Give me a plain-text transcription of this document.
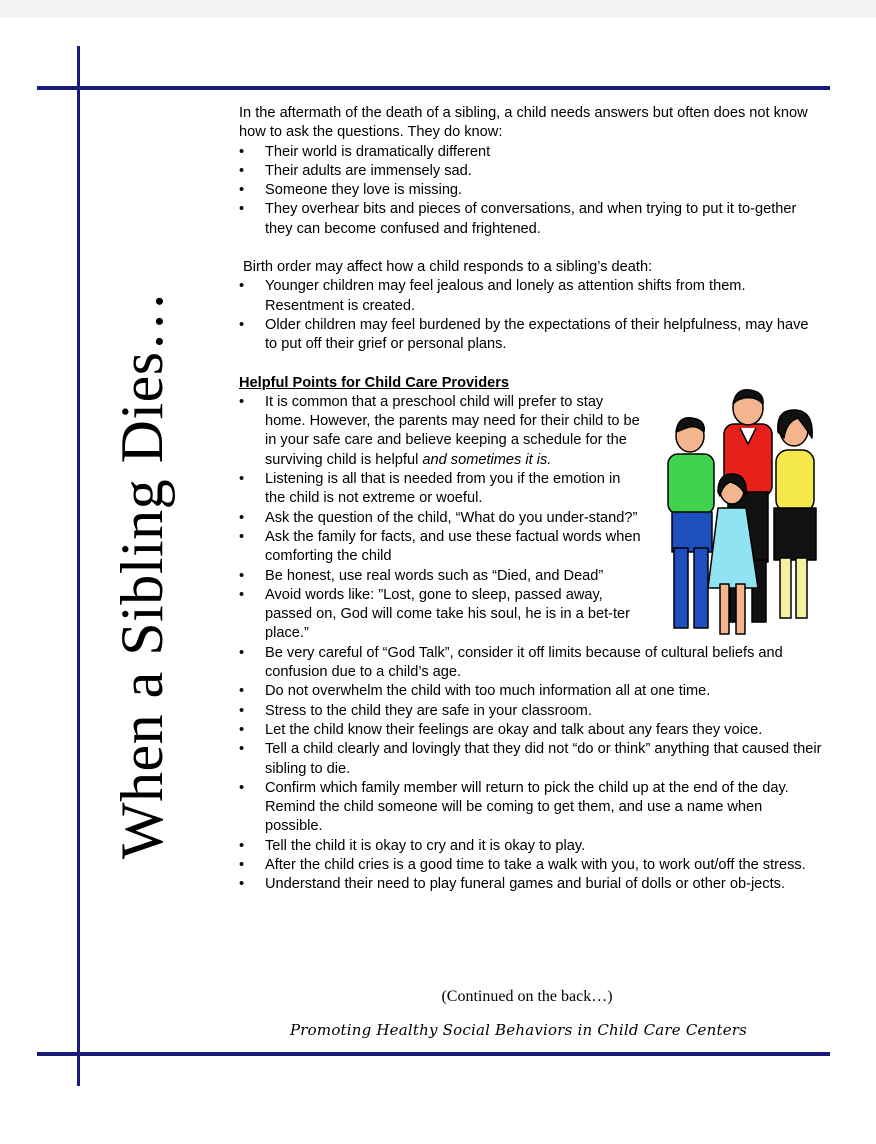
When a Sibling Dies…

In the aftermath of the death of a sibling, a child needs answers but often does not know how to ask the questions. They do know:

• Their world is dramatically different
• Their adults are immensely sad.
• Someone they love is missing.
• They overhear bits and pieces of conversations, and when trying to put it to-gether they can become confused and frightened.

Birth order may affect how a child responds to a sibling’s death:

• Younger children may feel jealous and lonely as attention shifts from them. Resentment is created.
• Older children may feel burdened by the expectations of their helpfulness, may have to put off their grief or personal plans.

Helpful Points for Child Care Providers

• It is common that a preschool child will prefer to stay home. However, the parents may need for their child to be in your safe care and believe keeping a schedule for the surviving child is helpful and sometimes it is.
• Listening is all that is needed from you if the emotion in the child is not extreme or woeful.
• Ask the question of the child, “What do you under-stand?”
• Ask the family for facts, and use these factual words when comforting the child
• Be honest, use real words such as “Died, and Dead”
• Avoid words like: ”Lost, gone to sleep, passed away, passed on, God will come take his soul, he is in a bet-ter place.”
• Be very careful of “God Talk”, consider it off limits because of cultural beliefs and confusion due to a child’s age.
• Do not overwhelm the child with too much information all at one time.
• Stress to the child they are safe in your classroom.
• Let the child know their feelings are okay and talk about any fears they voice.
• Tell a child clearly and lovingly that they did not “do or think” anything that caused their sibling to die.
• Confirm which family member will return to pick the child up at the end of the day. Remind the child someone will be coming to get them, and use a name when possible.
• Tell the child it is okay to cry and it is okay to play.
• After the child cries is a good time to take a walk with you, to work out/off the stress.
• Understand their need to play funeral games and burial of dolls or other ob-jects.
(Continued on the back…)
Promoting Healthy Social Behaviors in Child Care Centers
